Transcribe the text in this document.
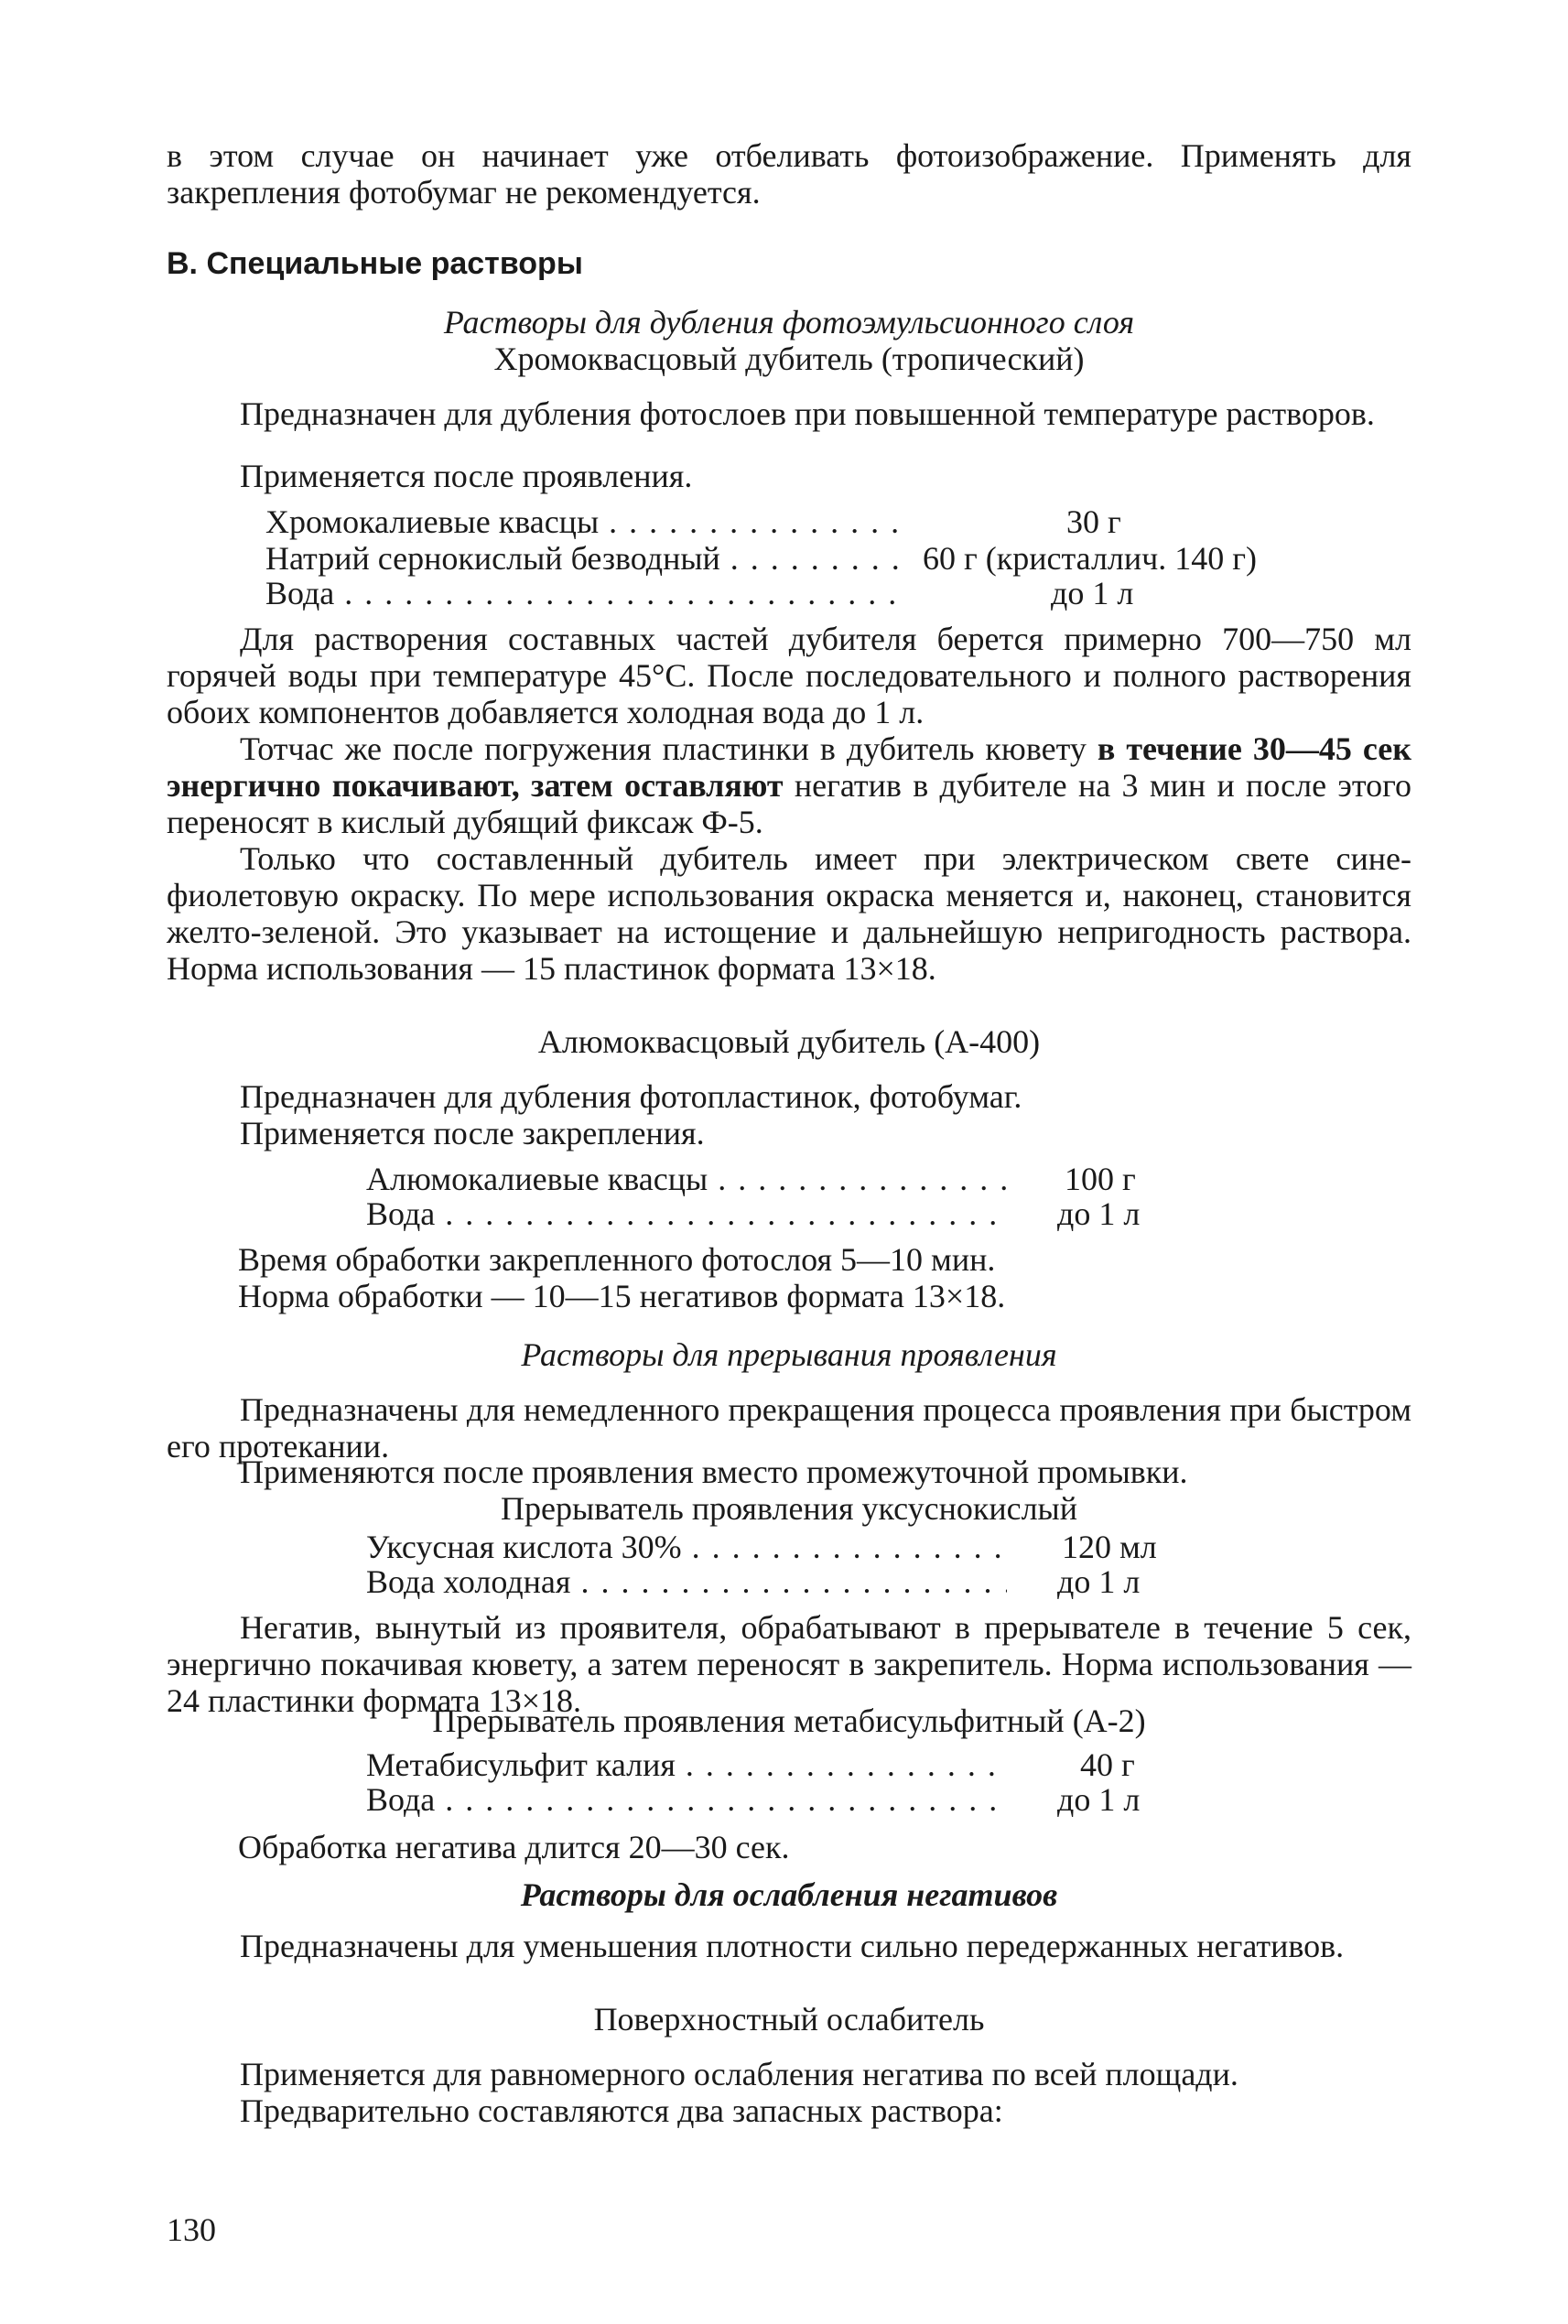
в этом случае он начинает уже отбеливать фотоизображение. Применять для закрепления фотобумаг не рекомендуется.

В. Специальные растворы
Растворы для дубления фотоэмульсионного слоя
Хромоквасцовый дубитель (тропический)

Предназначен для дубления фотослоев при повышенной температуре растворов.

Применяется после проявления.

Хромокалиевые квасцы . . .	30 г
Натрий сернокислый безводный . . .	60 г (кристаллич. 140 г)
Вода . . .	до 1 л

Для растворения составных частей дубителя берется примерно 700—750 мл горячей воды при температуре 45°С. После последовательного и полного растворения обоих компонентов добавляется холодная вода до 1 л.

Тотчас же после погружения пластинки в дубитель кювету в течение 30—45 сек энергично покачивают, затем оставляют негатив в дубителе на 3 мин и после этого переносят в кислый дубящий фиксаж Ф-5.

Только что составленный дубитель имеет при электрическом свете сине-фиолетовую окраску. По мере использования окраска меняется и, наконец, становится желто-зеленой. Это указывает на истощение и дальнейшую непригодность раствора. Норма использования — 15 пластинок формата 13×18.

Алюмоквасцовый дубитель (А-400)

Предназначен для дубления фотопластинок, фотобумаг.

Применяется после закрепления.

Алюмокалиевые квасцы . . .	100 г
Вода . . .	до 1 л

Время обработки закрепленного фотослоя 5—10 мин.

Норма обработки — 10—15 негативов формата 13×18.

Растворы для прерывания проявления

Предназначены для немедленного прекращения процесса проявления при быстром его протекании.

Применяются после проявления вместо промежуточной промывки.

Прерыватель проявления уксуснокислый
Уксусная кислота 30% . . .	120 мл
Вода холодная . . .	до 1 л

Негатив, вынутый из проявителя, обрабатывают в прерывателе в течение 5 сек, энергично покачивая кювету, а затем переносят в закрепитель. Норма использования — 24 пластинки формата 13×18.

Прерыватель проявления метабисульфитный (А-2)
Метабисульфит калия . . .	40 г
Вода . . .	до 1 л

Обработка негатива длится 20—30 сек.

Растворы для ослабления негативов

Предназначены для уменьшения плотности сильно передержанных негативов.

Поверхностный ослабитель

Применяется для равномерного ослабления негатива по всей площади.

Предварительно составляются два запасных раствора:

130
